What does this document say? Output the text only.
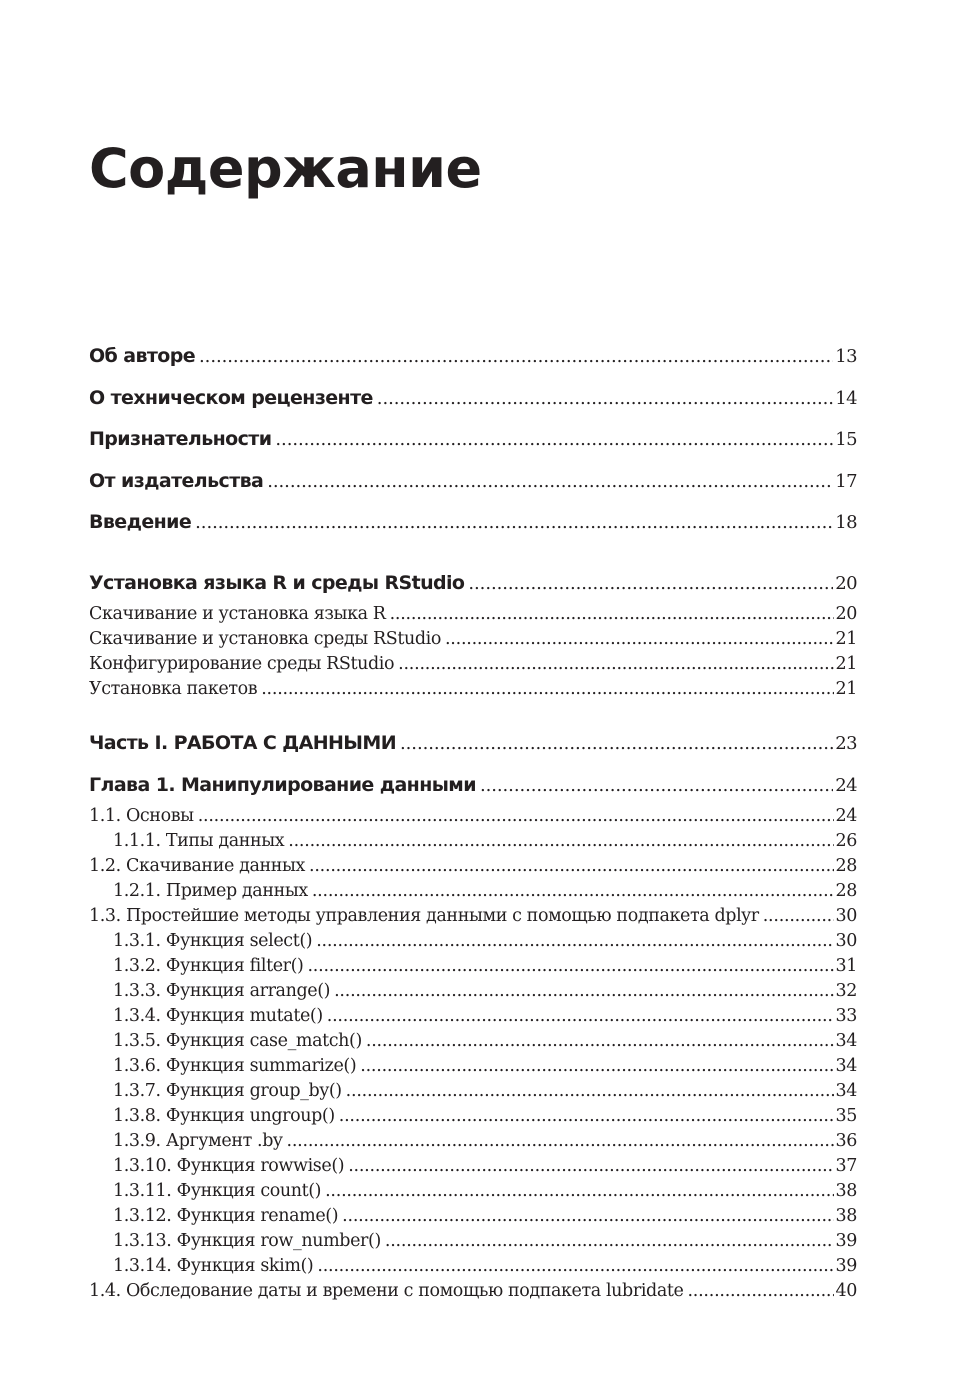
Содержание
Об авторе . . .	13
О техническом рецензенте . . .	14
Признательности . . .	15
От издательства . . .	17
Введение . . .	18
Установка языка R и среды RStudio . . .	20
Скачивание и установка языка R . . .	20
Скачивание и установка среды RStudio . . .	21
Конфигурирование среды RStudio . . .	21
Установка пакетов . . .	21
Часть I. РАБОТА С ДАННЫМИ . . .	23
Глава 1. Манипулирование данными . . .	24
1.1. Основы . . .	24
1.1.1. Типы данных . . .	26
1.2. Скачивание данных . . .	28
1.2.1. Пример данных . . .	28
1.3. Простейшие методы управления данными с помощью подпакета dplyr . . .	30
1.3.1. Функция select() . . .	30
1.3.2. Функция filter() . . .	31
1.3.3. Функция arrange() . . .	32
1.3.4. Функция mutate() . . .	33
1.3.5. Функция case_match() . . .	34
1.3.6. Функция summarize() . . .	34
1.3.7. Функция group_by() . . .	34
1.3.8. Функция ungroup() . . .	35
1.3.9. Аргумент .by . . .	36
1.3.10. Функция rowwise() . . .	37
1.3.11. Функция count() . . .	38
1.3.12. Функция rename() . . .	38
1.3.13. Функция row_number() . . .	39
1.3.14. Функция skim() . . .	39
1.4. Обследование даты и времени с помощью подпакета lubridate . . .	40
